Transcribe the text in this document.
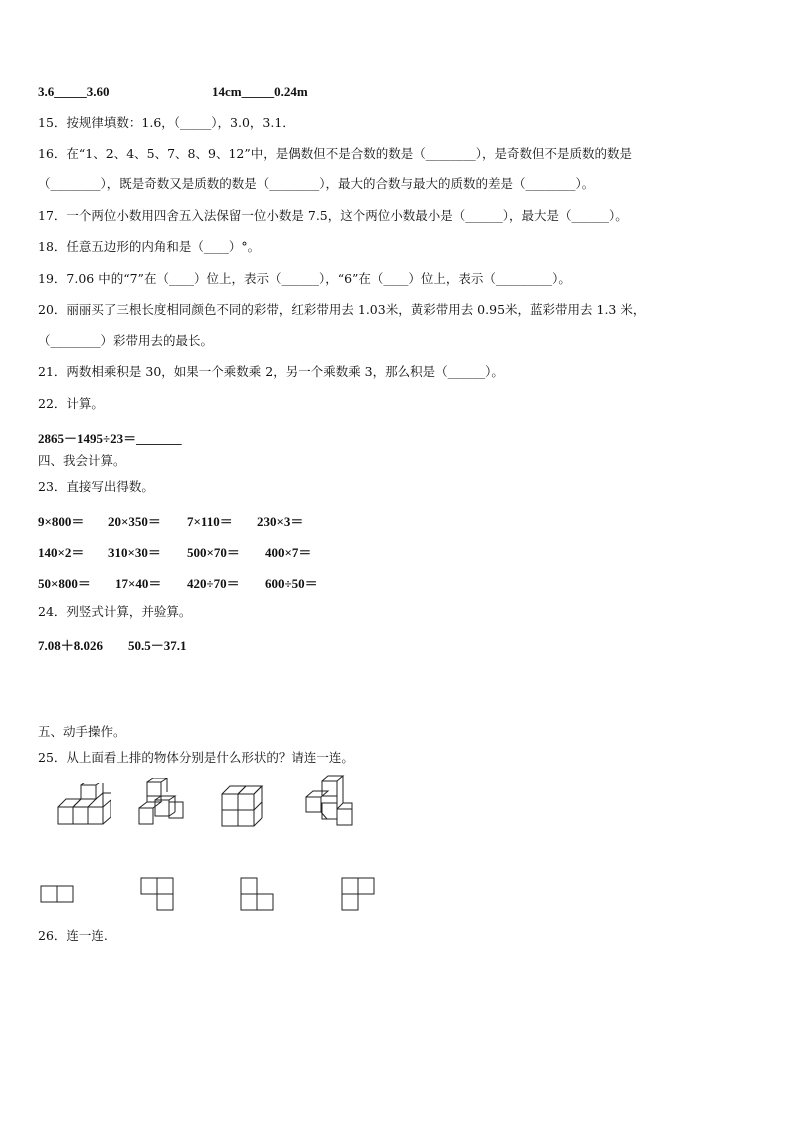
3.6_____3.60	14cm_____0.24m
15．按规律填数：1.6，（_____），3.0，3.1．
16．在“1、2、4、5、7、8、9、12”中，是偶数但不是合数的数是（________），是奇数但不是质数的数是
（________），既是奇数又是质数的数是（________），最大的合数与最大的质数的差是（________）。
17．一个两位小数用四舍五入法保留一位小数是 7.5，这个两位小数最小是（______），最大是（______）。
18．任意五边形的内角和是（____）°。
19．7.06 中的“7”在（____）位上，表示（______），“6”在（____）位上，表示（_________）。
20．丽丽买了三根长度相同颜色不同的彩带，红彩带用去 1.03米，黄彩带用去 0.95米，蓝彩带用去 1.3 米，
（________）彩带用去的最长。
21．两数相乘积是 30，如果一个乘数乘 2，另一个乘数乘 3，那么积是（______）。
22．计算。
2865－1495÷23＝_______
四、我会计算。
23．直接写出得数。
9×800＝ 20×350＝ 7×110＝ 230×3＝
140×2＝ 310×30＝ 500×70＝ 400×7＝
50×800＝ 17×40＝ 420÷70＝ 600÷50＝
24．列竖式计算，并验算。
7.08＋8.026 50.5－37.1
五、动手操作。
25．从上面看上排的物体分别是什么形状的？请连一连。
26．连一连.
